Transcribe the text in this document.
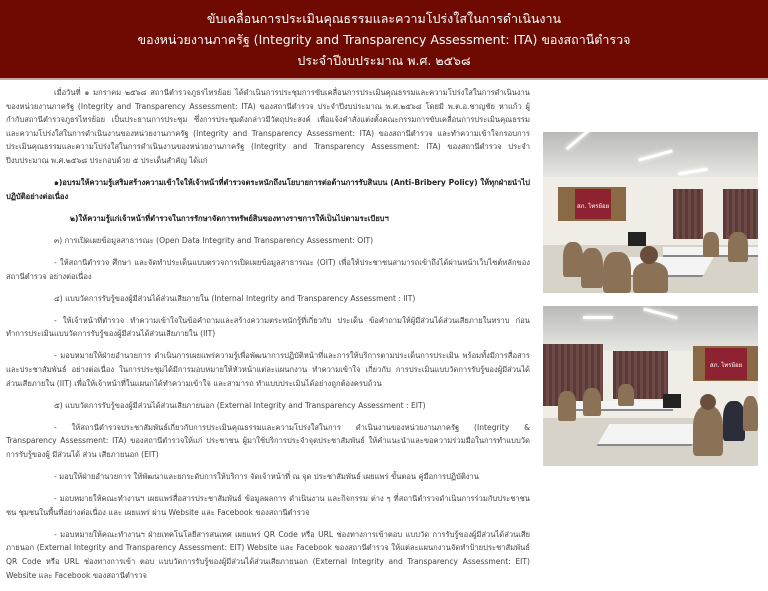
ขับเคลื่อนการประเมินคุณธรรมและความโปร่งใสในการดำเนินงาน
ของหน่วยงานภาครัฐ (Integrity and Transparency Assessment: ITA) ของสถานีตำรวจ
ประจำปีงบประมาณ พ.ศ. ๒๕๖๘

เมื่อวันที่ ๑ มกราคม ๒๕๖๘ สถานีตำรวจภูธรไทรย้อย ได้ดำเนินการประชุมการขับเคลื่อนการประเมินคุณธรรมและความโปร่งใสในการดำเนินงาน ของหน่วยงานภาครัฐ (Integrity and Transparency Assessment: ITA) ของสถานีตำรวจ ประจำปีงบประมาณ พ.ศ.๒๕๖๘ โดยมี พ.ต.อ.ชาญชัย หาแก้ว ผู้กำกับสถานีตำรวจภูธรไทรย้อย เป็นประธานการประชุม ซึ่งการประชุมดังกล่าวมีวัตถุประสงค์ เพื่อแจ้งคำสั่งแต่งตั้งคณะกรรมการขับเคลื่อนการประเมินคุณธรรมและความโปร่งใสในการดำเนินงานของหน่วยงานภาครัฐ (Integrity and Transparency Assessment: ITA) ของสถานีตำรวจ และทำความเข้าใจกรอบการประเมินคุณธรรมและความโปร่งใสในการดำเนินงานของหน่วยงานภาครัฐ (Integrity and Transparency Assessment: ITA) ของสถานีตำรวจ ประจำปีงบประมาณ พ.ศ.๒๕๖๘ ประกอบด้วย ๕ ประเด็นสำคัญ ได้แก่

๑)อบรมให้ความรู้เสริมสร้างความเข้าใจให้เจ้าหน้าที่ตำรวจตระหนักถึงนโยบายการต่อต้านการรับสินบน (Anti-Bribery Policy) ให้ทุกฝ่ายนำไปปฏิบัติอย่างต่อเนื่อง

๒)ให้ความรู้แก่เจ้าหน้าที่ตำรวจในการรักษาจัดการทรัพย์สินของทางราชการให้เป็นไปตามระเบียบฯ

๓) การเปิดเผยข้อมูลสาธารณะ (Open Data Integrity and Transparency Assessment: OIT)

- ให้สถานีตำรวจ ศึกษา และจัดทำประเด็นแบบตรวจการเปิดเผยข้อมูลสาธารณะ (OIT) เพื่อให้ประชาชนสามารถเข้าถึงได้ผ่านหน้าเว็บไซต์หลักของสถานีตำรวจ อย่างต่อเนื่อง

๔) แบบวัดการรับรู้ของผู้มีส่วนได้ส่วนเสียภายใน (Internal Integrity and Transparency Assessment : IIT)

- ให้เจ้าหน้าที่ตำรวจ ทำความเข้าใจในข้อคำถามและสร้างความตระหนักรู้ที่เกี่ยวกับ ประเด็น ข้อคำถามให้ผู้มีส่วนได้ส่วนเสียภายในทราบ ก่อนทำการประเมินแบบวัดการรับรู้ของผู้มีส่วนได้ส่วนเสียภายใน (IIT)

- มอบหมายให้ฝ่ายอำนวยการ ดำเนินการเผยแพร่ความรู้เพื่อพัฒนาการปฏิบัติหน้าที่และการให้บริการตามประเด็นการประเมิน พร้อมทั้งมีการสื่อสาร และประชาสัมพันธ์ อย่างต่อเนื่อง ในการประชุมได้มีการมอบหมายให้หัวหน้าแต่ละแผนกงาน ทำความเข้าใจ เกี่ยวกับ การประเมินแบบวัดการรับรู้ของผู้มีส่วนได้ส่วนเสียภายใน (IIT) เพื่อให้เจ้าหน้าที่ในแผนกได้ทำความเข้าใจ และสามารถ ทำแบบประเมินได้อย่างถูกต้องครบถ้วน

๕) แบบวัดการรับรู้ของผู้มีส่วนได้ส่วนเสียภายนอก (External Integrity and Transparency Assessment : EIT)

- ให้สถานีตำรวจประชาสัมพันธ์เกี่ยวกับการประเมินคุณธรรมและความโปร่งใสในการ ดำเนินงานของหน่วยงานภาครัฐ (Integrity & Transparency Assessment: ITA) ของสถานีตำรวจให้แก่ ประชาชน ผู้มาใช้บริการประจำจุดประชาสัมพันธ์ ให้คำแนะนำและขอความร่วมมือในการทำแบบวัดการรับรู้ของผู้ มีส่วนได้ ส่วน เสียภายนอก (EIT)

- มอบให้ฝ่ายอำนวยการ ให้พัฒนาและยกระดับการให้บริการ จัดเจ้าหน้าที่ ณ จุด ประชาสัมพันธ์ เผยแพร่ ขั้นตอน คู่มือการปฏิบัติงาน

- มอบหมายให้คณะทำงานฯ เผยแพร่สื่อสารประชาสัมพันธ์ ข้อมูลผลการ ดำเนินงาน และกิจกรรม ต่าง ๆ ที่สถานีตำรวจดำเนินการร่วมกับประชาชนชน ชุมชนในพื้นที่อย่างต่อเนื่อง และ เผยแพร่ ผ่าน Website และ Facebook ของสถานีตำรวจ

- มอบหมายให้คณะทำงานฯ ฝ่ายเทคโนโลยีสารสนเทศ เผยแพร่ QR Code หรือ URL ช่องทางการเข้าตอบ แบบวัด การรับรู้ของผู้มีส่วนได้ส่วนเสียภายนอก (External Integrity and Transparency Assessment: EIT) Website และ Facebook ของสถานีตำรวจ ให้แต่ละแผนกงานจัดทำป้ายประชาสัมพันธ์ QR Code หรือ URL ช่องทางการเข้า ตอบ แบบวัดการรับรู้ของผู้มีส่วนได้ส่วนเสียภายนอก (External Integrity and Transparency Assessment: EIT) Website และ Facebook ของสถานีตำรวจ

สภ. ไทรย้อย
สภ. ไทรย้อย
